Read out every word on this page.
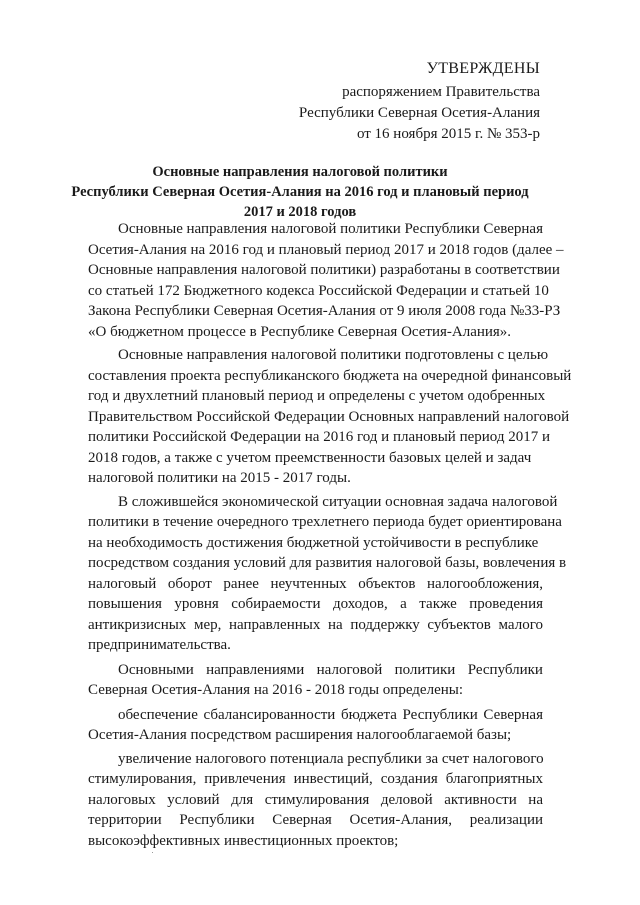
УТВЕРЖДЕНЫ
распоряжением Правительства
Республики Северная Осетия-Алания
от 16 ноября 2015 г. № 353-р
Основные направления налоговой политики
Республики Северная Осетия-Алания на 2016 год и плановый период
2017 и 2018 годов
Основные направления налоговой политики Республики Северная
Осетия-Алания на 2016 год и плановый период 2017 и 2018 годов (далее –
Основные направления налоговой политики) разработаны в соответствии
со статьей 172 Бюджетного кодекса Российской Федерации и статьей 10
Закона Республики Северная Осетия-Алания от 9 июля 2008 года №33-РЗ
«О бюджетном процессе в Республике Северная Осетия-Алания».
Основные направления налоговой политики подготовлены с целью
составления проекта республиканского бюджета на очередной финансовый
год и двухлетний плановый период и определены с учетом одобренных
Правительством Российской Федерации Основных направлений налоговой
политики Российской Федерации на 2016 год и плановый период 2017 и
2018 годов, а также с учетом преемственности базовых целей и задач
налоговой политики на 2015 - 2017 годы.
В сложившейся экономической ситуации основная задача налоговой
политики в течение очередного трехлетнего периода будет ориентирована
на необходимость достижения бюджетной устойчивости в республике
посредством создания условий для развития налоговой базы, вовлечения в
налоговый оборот ранее неучтенных объектов налогообложения,
повышения уровня собираемости доходов, а также проведения
антикризисных мер, направленных на поддержку субъектов малого
предпринимательства.
Основными направлениями налоговой политики Республики
Северная Осетия-Алания на 2016 - 2018 годы определены:
обеспечение сбалансированности бюджета Республики Северная
Осетия-Алания посредством расширения налогооблагаемой базы;
увеличение налогового потенциала республики за счет налогового
стимулирования, привлечения инвестиций, создания благоприятных
налоговых условий для стимулирования деловой активности на
территории Республики Северная Осетия-Алания, реализации
высокоэффективных инвестиционных проектов;
